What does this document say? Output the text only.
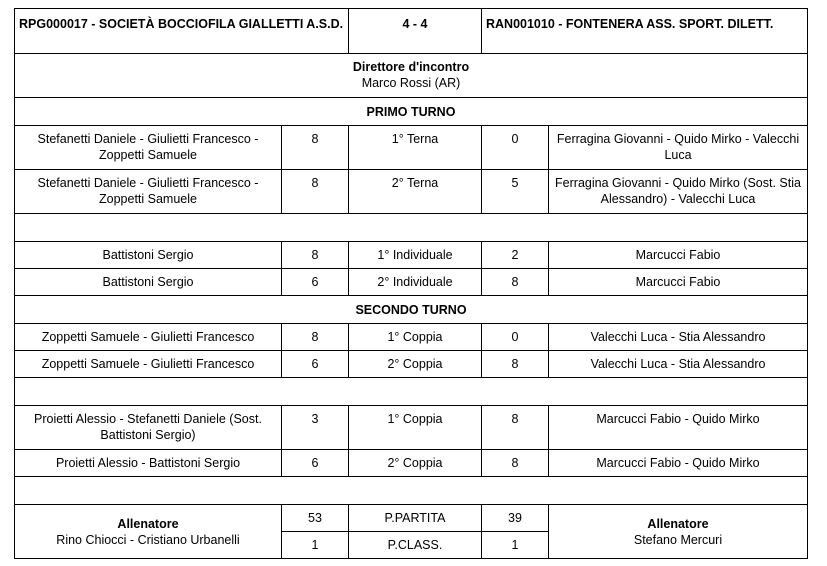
RPG000017 - SOCIETÀ BOCCIOFILA GIALLETTI A.S.D.		4 - 4	RAN001010 - FONTENERA ASS. SPORT. DILETT.	

Direttore d'incontro
Marco Rossi (AR)				

PRIMO TURNO				
Stefanetti Daniele - Giulietti Francesco - Zoppetti Samuele	8	1° Terna	0	Ferragina Giovanni - Quido Mirko - Valecchi Luca
Stefanetti Daniele - Giulietti Francesco - Zoppetti Samuele	8	2° Terna	5	Ferragina Giovanni - Quido Mirko (Sost. Stia Alessandro) - Valecchi Luca

Battistoni Sergio	8	1° Individuale	2	Marcucci Fabio
Battistoni Sergio	6	2° Individuale	8	Marcucci Fabio
SECONDO TURNO				
Zoppetti Samuele - Giulietti Francesco	8	1° Coppia	0	Valecchi Luca - Stia Alessandro
Zoppetti Samuele - Giulietti Francesco	6	2° Coppia	8	Valecchi Luca - Stia Alessandro

Proietti Alessio - Stefanetti Daniele (Sost. Battistoni Sergio)	3	1° Coppia	8	Marcucci Fabio - Quido Mirko
Proietti Alessio - Battistoni Sergio	6	2° Coppia	8	Marcucci Fabio - Quido Mirko

Allenatore
Rino Chiocci - Cristiano Urbanelli	53	P.PARTITA	39	Allenatore
Stefano Mercuri

	1	P.CLASS.	1	
